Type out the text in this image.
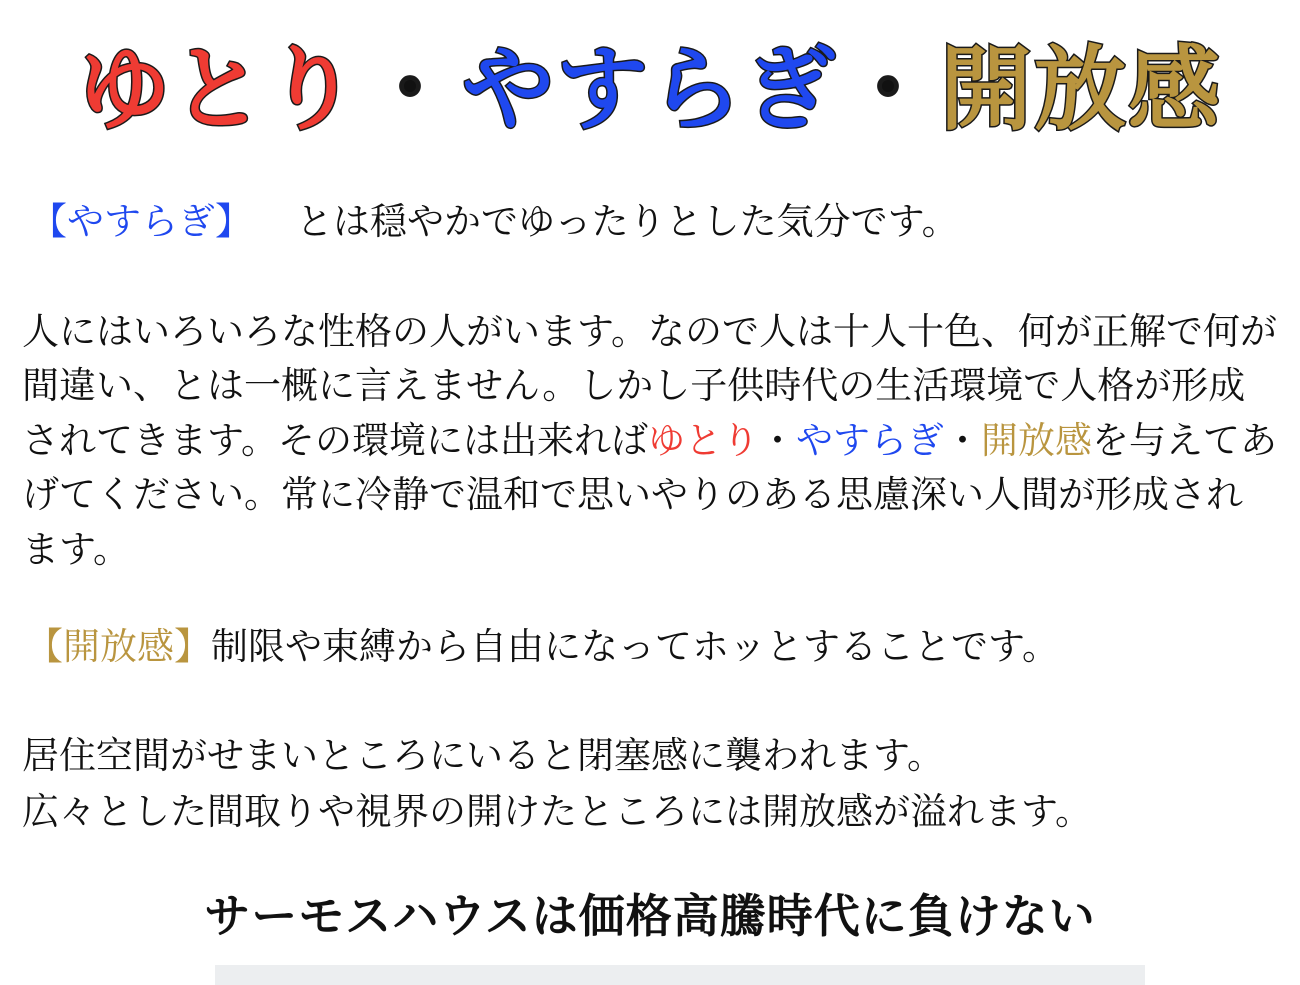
ゆとり・やすらぎ・開放感
【やすらぎ】 とは穏やかでゆったりとした気分です。
人にはいろいろな性格の人がいます。なので人は十人十色、何が正解で何が間違い、とは一概に言えません。しかし子供時代の生活環境で人格が形成されてきます。その環境には出来ればゆとり・やすらぎ・開放感を与えてあげてください。常に冷静で温和で思いやりのある思慮深い人間が形成されます。
【開放感】制限や束縛から自由になってホッとすることです。
居住空間がせまいところにいると閉塞感に襲われます。
広々とした間取りや視界の開けたところには開放感が溢れます。
サーモスハウスは価格高騰時代に負けない
